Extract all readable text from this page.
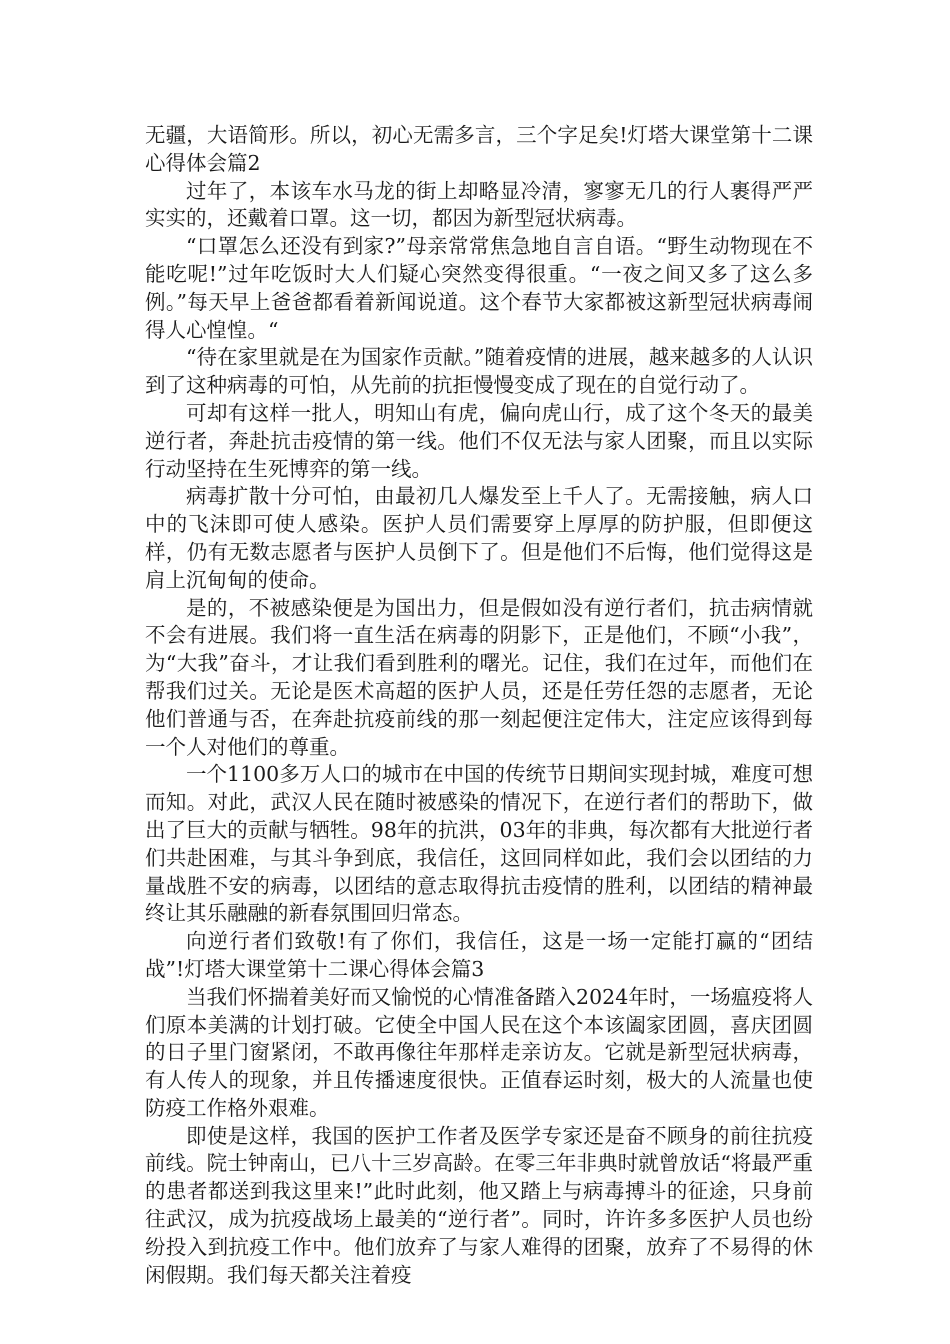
无疆，大语简形。所以，初心无需多言，三个字足矣!灯塔大课堂第十二课心得体会篇2

过年了，本该车水马龙的街上却略显冷清，寥寥无几的行人裹得严严实实的，还戴着口罩。这一切，都因为新型冠状病毒。

“口罩怎么还没有到家?”母亲常常焦急地自言自语。“野生动物现在不能吃呢!”过年吃饭时大人们疑心突然变得很重。“一夜之间又多了这么多例。”每天早上爸爸都看着新闻说道。这个春节大家都被这新型冠状病毒闹得人心惶惶。“

“待在家里就是在为国家作贡献。”随着疫情的进展，越来越多的人认识到了这种病毒的可怕，从先前的抗拒慢慢变成了现在的自觉行动了。

可却有这样一批人，明知山有虎，偏向虎山行，成了这个冬天的最美逆行者，奔赴抗击疫情的第一线。他们不仅无法与家人团聚，而且以实际行动坚持在生死博弈的第一线。

病毒扩散十分可怕，由最初几人爆发至上千人了。无需接触，病人口中的飞沫即可使人感染。医护人员们需要穿上厚厚的防护服，但即便这样，仍有无数志愿者与医护人员倒下了。但是他们不后悔，他们觉得这是肩上沉甸甸的使命。

是的，不被感染便是为国出力，但是假如没有逆行者们，抗击病情就不会有进展。我们将一直生活在病毒的阴影下，正是他们，不顾“小我”，为“大我”奋斗，才让我们看到胜利的曙光。记住，我们在过年，而他们在帮我们过关。无论是医术高超的医护人员，还是任劳任怨的志愿者，无论他们普通与否，在奔赴抗疫前线的那一刻起便注定伟大，注定应该得到每一个人对他们的尊重。

一个1100多万人口的城市在中国的传统节日期间实现封城，难度可想而知。对此，武汉人民在随时被感染的情况下，在逆行者们的帮助下，做出了巨大的贡献与牺牲。98年的抗洪，03年的非典，每次都有大批逆行者们共赴困难，与其斗争到底，我信任，这回同样如此，我们会以团结的力量战胜不安的病毒，以团结的意志取得抗击疫情的胜利，以团结的精神最终让其乐融融的新春氛围回归常态。

向逆行者们致敬!有了你们，我信任，这是一场一定能打赢的“团结战”!灯塔大课堂第十二课心得体会篇3

当我们怀揣着美好而又愉悦的心情准备踏入2024年时，一场瘟疫将人们原本美满的计划打破。它使全中国人民在这个本该阖家团圆，喜庆团圆的日子里门窗紧闭，不敢再像往年那样走亲访友。它就是新型冠状病毒，有人传人的现象，并且传播速度很快。正值春运时刻，极大的人流量也使防疫工作格外艰难。

即使是这样，我国的医护工作者及医学专家还是奋不顾身的前往抗疫前线。院士钟南山，已八十三岁高龄。在零三年非典时就曾放话“将最严重的患者都送到我这里来!”此时此刻，他又踏上与病毒搏斗的征途，只身前往武汉，成为抗疫战场上最美的“逆行者”。同时，许许多多医护人员也纷纷投入到抗疫工作中。他们放弃了与家人难得的团聚，放弃了不易得的休闲假期。我们每天都关注着疫
